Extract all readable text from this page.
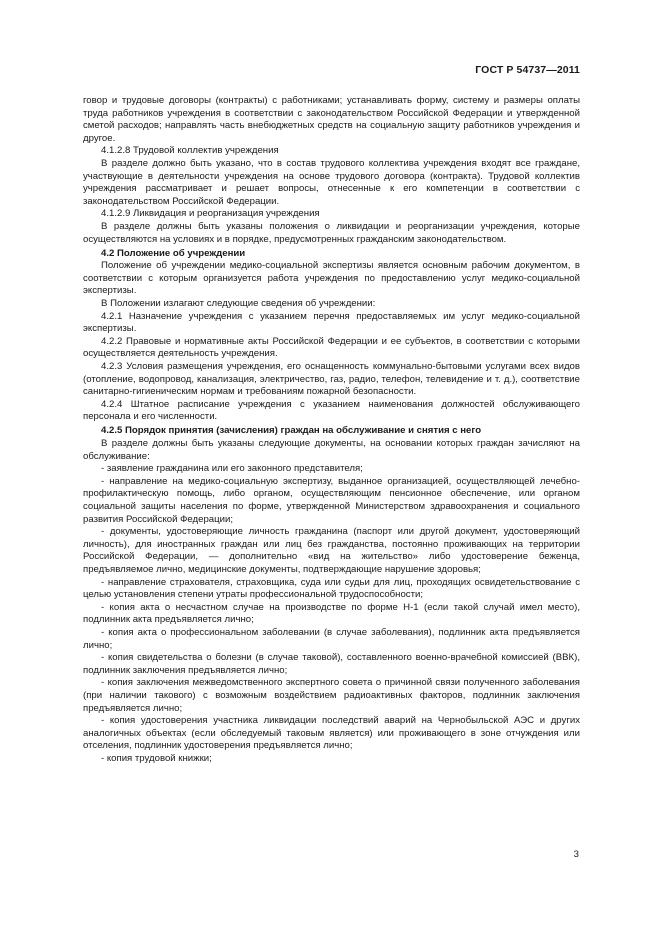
ГОСТ Р 54737—2011

говор и трудовые договоры (контракты) с работниками; устанавливать форму, систему и размеры оплаты труда работников учреждения в соответствии с законодательством Российской Федерации и утвержденной сметой расходов; направлять часть внебюджетных средств на социальную защиту работников учреждения и другое.

4.1.2.8 Трудовой коллектив учреждения

В разделе должно быть указано, что в состав трудового коллектива учреждения входят все граждане, участвующие в деятельности учреждения на основе трудового договора (контракта). Трудовой коллектив учреждения рассматривает и решает вопросы, отнесенные к его компетенции в соответствии с законодательством Российской Федерации.

4.1.2.9 Ликвидация и реорганизация учреждения

В разделе должны быть указаны положения о ликвидации и реорганизации учреждения, которые осуществляются на условиях и в порядке, предусмотренных гражданским законодательством.

4.2 Положение об учреждении

Положение об учреждении медико-социальной экспертизы является основным рабочим документом, в соответствии с которым организуется работа учреждения по предоставлению услуг медико-социальной экспертизы.

В Положении излагают следующие сведения об учреждении:

4.2.1 Назначение учреждения с указанием перечня предоставляемых им услуг медико-социальной экспертизы.

4.2.2 Правовые и нормативные акты Российской Федерации и ее субъектов, в соответствии с которыми осуществляется деятельность учреждения.

4.2.3 Условия размещения учреждения, его оснащенность коммунально-бытовыми услугами всех видов (отопление, водопровод, канализация, электричество, газ, радио, телефон, телевидение и т. д.), соответствие санитарно-гигиеническим нормам и требованиям пожарной безопасности.

4.2.4 Штатное расписание учреждения с указанием наименования должностей обслуживающего персонала и его численности.

4.2.5 Порядок принятия (зачисления) граждан на обслуживание и снятия с него

В разделе должны быть указаны следующие документы, на основании которых граждан зачисляют на обслуживание:

- заявление гражданина или его законного представителя;

- направление на медико-социальную экспертизу, выданное организацией, осуществляющей лечебно-профилактическую помощь, либо органом, осуществляющим пенсионное обеспечение, или органом социальной защиты населения по форме, утвержденной Министерством здравоохранения и социального развития Российской Федерации;

- документы, удостоверяющие личность гражданина (паспорт или другой документ, удостоверяющий личность), для иностранных граждан или лиц без гражданства, постоянно проживающих на территории Российской Федерации, — дополнительно «вид на жительство» либо удостоверение беженца, предъявляемое лично, медицинские документы, подтверждающие нарушение здоровья;

- направление страхователя, страховщика, суда или судьи для лиц, проходящих освидетельствование с целью установления степени утраты профессиональной трудоспособности;

- копия акта о несчастном случае на производстве по форме Н-1 (если такой случай имел место), подлинник акта предъявляется лично;

- копия акта о профессиональном заболевании (в случае заболевания), подлинник акта предъявляется лично;

- копия свидетельства о болезни (в случае таковой), составленного военно-врачебной комиссией (ВВК), подлинник заключения предъявляется лично;

- копия заключения межведомственного экспертного совета о причинной связи полученного заболевания (при наличии такового) с возможным воздействием радиоактивных факторов, подлинник заключения предъявляется лично;

- копия удостоверения участника ликвидации последствий аварий на Чернобыльской АЭС и других аналогичных объектах (если обследуемый таковым является) или проживающего в зоне отчуждения или отселения, подлинник удостоверения предъявляется лично;

- копия трудовой книжки;

3
